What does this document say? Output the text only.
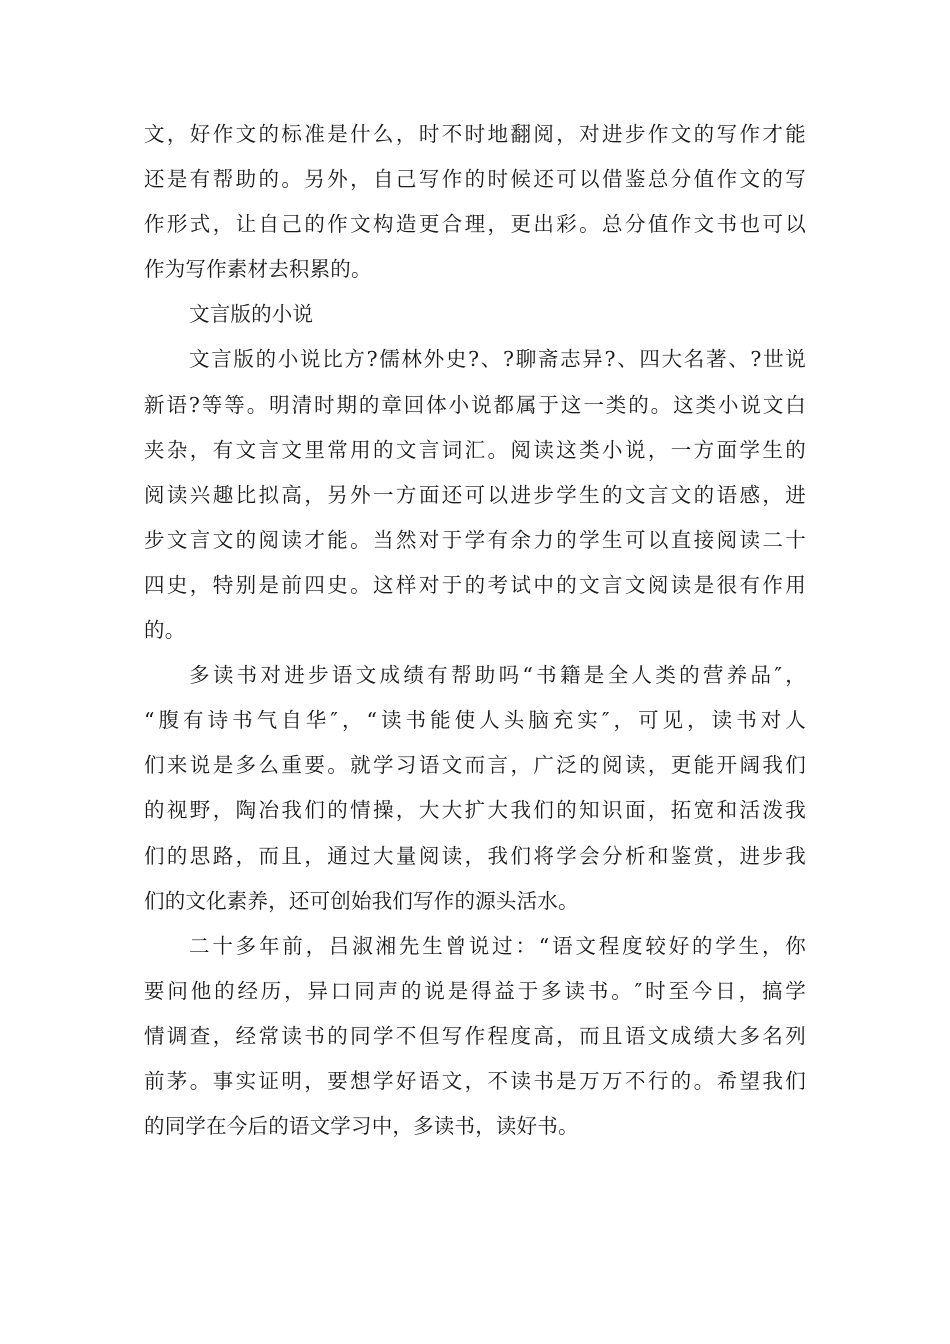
文，好作文的标准是什么，时不时地翻阅，对进步作文的写作才能
还是有帮助的。另外，自己写作的时候还可以借鉴总分值作文的写
作形式，让自己的作文构造更合理，更出彩。总分值作文书也可以
作为写作素材去积累的。
文言版的小说
文言版的小说比方?儒林外史?、?聊斋志异?、四大名著、?世说
新语?等等。明清时期的章回体小说都属于这一类的。这类小说文白
夹杂，有文言文里常用的文言词汇。阅读这类小说，一方面学生的
阅读兴趣比拟高，另外一方面还可以进步学生的文言文的语感，进
步文言文的阅读才能。当然对于学有余力的学生可以直接阅读二十
四史，特别是前四史。这样对于的考试中的文言文阅读是很有作用
的。
多读书对进步语文成绩有帮助吗“书籍是全人类的营养品″，
“腹有诗书气自华″，“读书能使人头脑充实″，可见，读书对人
们来说是多么重要。就学习语文而言，广泛的阅读，更能开阔我们
的视野，陶冶我们的情操，大大扩大我们的知识面，拓宽和活泼我
们的思路，而且，通过大量阅读，我们将学会分析和鉴赏，进步我
们的文化素养，还可创始我们写作的源头活水。
二十多年前，吕淑湘先生曾说过：“语文程度较好的学生，你
要问他的经历，异口同声的说是得益于多读书。″时至今日，搞学
情调查，经常读书的同学不但写作程度高，而且语文成绩大多名列
前茅。事实证明，要想学好语文，不读书是万万不行的。希望我们
的同学在今后的语文学习中，多读书，读好书。
